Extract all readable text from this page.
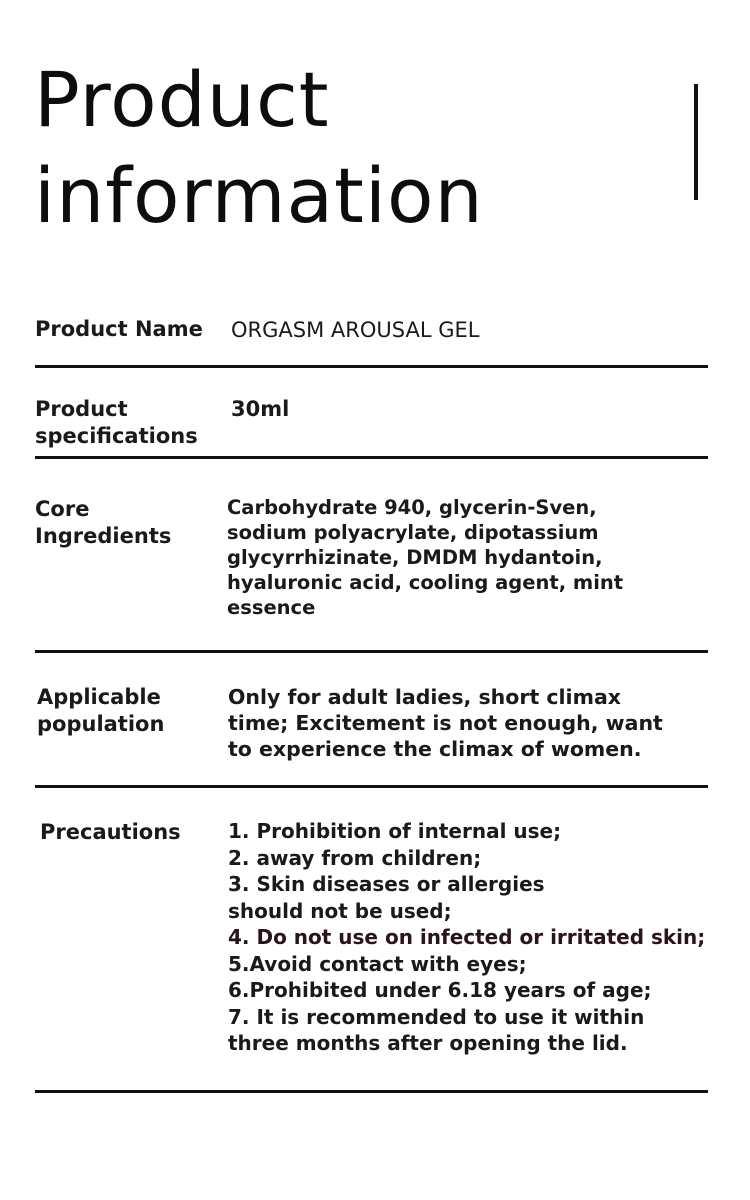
Product
information
Product Name ORGASM AROUSAL GEL
Product
specifications
30ml
Core
Ingredients
Carbohydrate 940, glycerin-Sven,
sodium polyacrylate, dipotassium
glycyrrhizinate, DMDM hydantoin,
hyaluronic acid, cooling agent, mint
essence
Applicable
population
Only for adult ladies, short climax
time; Excitement is not enough, want
to experience the climax of women.
Precautions 1. Prohibition of internal use;
2. away from children;
3. Skin diseases or allergies
should not be used;
4. Do not use on infected or irritated skin;
5.Avoid contact with eyes;
6.Prohibited under 6.18 years of age;
7. It is recommended to use it within
three months after opening the lid.
